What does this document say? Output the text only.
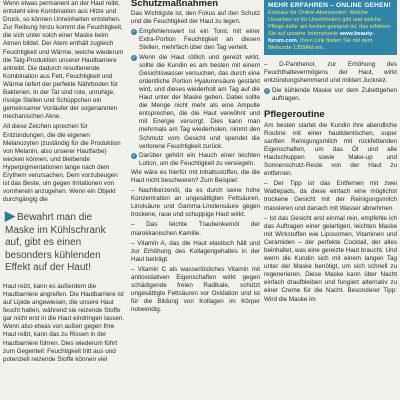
Wenn etwas permanent an der Haut reibt, entsteht eine Kombination aus Hitze und Druck, so können Unreinheiten entstehen. Zur Reibung hinzu kommt die Feuchtigkeit, die sich unter solch einer Maske beim Atmen bildet. Der Atem enthält zugleich Feuchtigkeit und Wärme, welche wiederum die Talg-Produktion unserer Hautbarriere antreibt. Die dadurch resultierende Kombination aus Fett, Feuchtigkeit und Wärme liefert der perfekte Nährboden für Bakterien. In der Tat sind rote, unruhige, rissige Stellen und Schüppchen ein gemeinsamer Vorläufer der sogenannten mechanischen Akne.

All diese Zeichen sprechen für Entzündungen, die die eigenen Melanozyten (zuständig für die Produktion von Melanin, also unserer Hautfarbe) wecken können, und bleibende Hyperpigmentationen lange nach dem Erythem verursachen. Dem vorzubeugen ist das Beste, um gegen Irritationen von vornherein anzugehen. Wenn ein Objekt durchgängig die

▶ Bewahrt man die Maske im Kühlschrank auf, gibt es einen besonders kühlenden Effekt auf der Haut!

Haut reizt, kann es außerdem die Hautbarriere angreifen. Die Hautbarriere ist auf Lipide angewiesen, die unsere Haut feucht halten, während sie reizende Stoffe gar nicht erst in die Haut eindringen lassen. Wenn also etwas von außen gegen Ihre Haut reibt, kann das zu Rissen in der Hautbarriere führen. Dies wiederum führt zum Gegenteil: Feuchtigkeit tritt aus und potenziell reizende Stoffe können viel

Schutzmaßnahmen

Das Wichtigste ist, den Fokus auf den Schutz und die Feuchtigkeit der Haut zu legen.

✓ Empfehlenswert ist ein Tonic mit einer Extra-Portion Feuchtigkeit an diesen Stellen, mehrfach über den Tag verteilt.
✓ Wenn die Haut rötlich und gereizt wirkt, sollte die Kundin es am besten mit einem Gesichtswasser versuchen, das durch eine ordentliche Portion Hyaluronsäure gestärkt wird, und dieses wiederholt am Tag auf die Haut unter der Maske geben. Dabei sollte die Menge nicht mehr als eine Ampulle entsprechen, die die Haut verwöhnt und mit Energie versorgt. Dies kann man mehrmals am Tag wiederholen, nimmt den Schmutz vom Gesicht und spendet die verlorene Feuchtigkeit zurück.
✓ Darüber gehört ein Hauch einer leichten Lotion, um die Feuchtigkeit zu versiegeln.

Wie wäre es hierfür mit Inhaltsstoffen, die die Haut nicht beschweren? Zum Beispiel:

– Nachtkerzenöl, da es durch seine hohe Konzentration an ungesättigten Fettsäuren, Linolsäure und Gamma-Linolensäure gegen trockene, raue und schuppige Haut wirkt.

– Das leichte Traubenkernöl der marokkanischen Kamille.

– Vitamin A, das die Haut elastisch hält und zur Erhöhung des Kollagengehaltes in der Haut beiträgt.

– Vitamin C als wasserlösliches Vitamin mit antioxidativen Eigenschaften wirkt gegen schädigende freien Radikale, schützt ungesättigte Fettsäuren vor Oxidation und ist für die Bildung von Kollagen im Körper notwendig.

MEHR ERFAHREN – ONLINE GEHEN!
Exklusiv für Online-Abonnenten: Welche Ursachen es für Unreinheiten gibt und welche Pflege dafür am besten geeignet ist, das erfahren Sie auf unserer Internetseite www.beauty-forum.com. Ihren Link finden Sie mit dem Webcode 1359Ald ein.

– D-Panthenol, zur Erhöhung des Feuchthaltevermögens der Haut, wirkt entzündungshemmend und mildert Juckreiz.

✓ Die kühlende Maske vor dem Zubettgehen auftragen.
Pflegeroutine

Am besten startet die Kundin ihre abendliche Routine mit einer hautidentischen, super sanften Reinigungsmilch mit rückfettenden Eigenschaften, um das Öl und alle Hautschuppen sowie Make-up und Sonnenschutz-Reste von der Haut zu entfernen.

– Der Tipp ist das Entfernen mit zwei Wattepads, da diese einfach eine möglichst trockene Gesicht mit der Reinigungsmilch massieren und danach mit Wasser abnehmen.

– Ist das Gesicht erst einmal rein, empfehle ich das Auftragen einer gelartigen, leichten Maske mit Wirkstoffen wie Liposomen, Vitaminen und Ceramiden – der perfekte Cocktail, der alles beinhaltet, was eine gereizte Haut braucht. Und wenn die Kundin sich mit einem langen Tag unter der Maske benötigt, um sich schnell zu regenerieren. Diese Maske kann über Nacht einfach draufbleiben und fungiert alternativ zu einer Creme für die Nacht. Besonderer Tipp: Wird die Maske im
